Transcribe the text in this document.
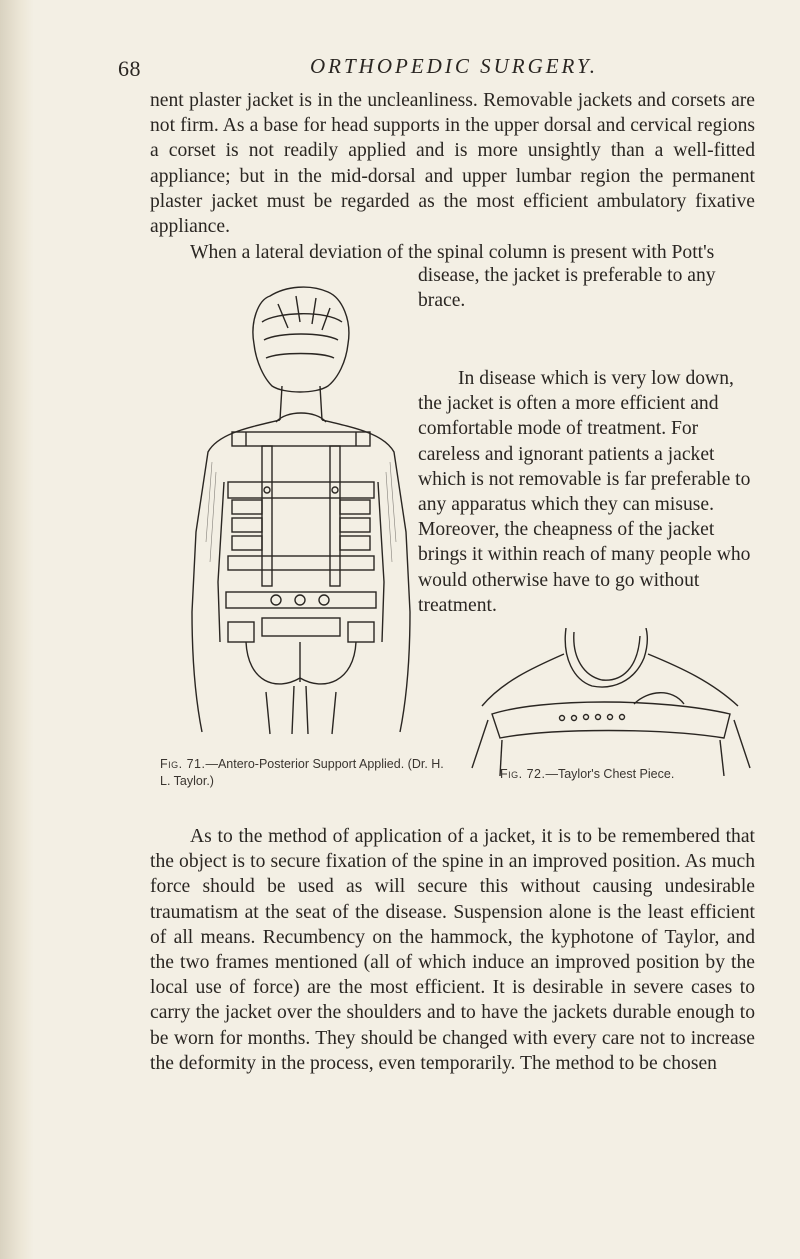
68	ORTHOPEDIC SURGERY.

nent plaster jacket is in the uncleanliness. Removable jackets and corsets are not firm. As a base for head supports in the upper dorsal and cervical regions a corset is not readily applied and is more unsightly than a well-fitted appliance; but in the mid-dorsal and upper lumbar region the permanent plaster jacket must be regarded as the most efficient ambulatory fixative appliance.

When a lateral deviation of the spinal column is present with Pott's

disease, the jacket is preferable to any brace.

In disease which is very low down, the jacket is often a more efficient and comfortable mode of treatment. For careless and ignorant patients a jacket which is not removable is far preferable to any apparatus which they can misuse. Moreover, the cheapness of the jacket brings it within reach of many people who would otherwise have to go without treatment.

Fig. 71.—Antero-Posterior Support Applied. (Dr. H. L. Taylor.)	Fig. 72.—Taylor's Chest Piece.

As to the method of application of a jacket, it is to be remembered that the object is to secure fixation of the spine in an improved position. As much force should be used as will secure this without causing undesirable traumatism at the seat of the disease. Suspension alone is the least efficient of all means. Recumbency on the hammock, the kyphotone of Taylor, and the two frames mentioned (all of which induce an improved position by the local use of force) are the most efficient. It is desirable in severe cases to carry the jacket over the shoulders and to have the jackets durable enough to be worn for months. They should be changed with every care not to increase the deformity in the process, even temporarily. The method to be chosen
